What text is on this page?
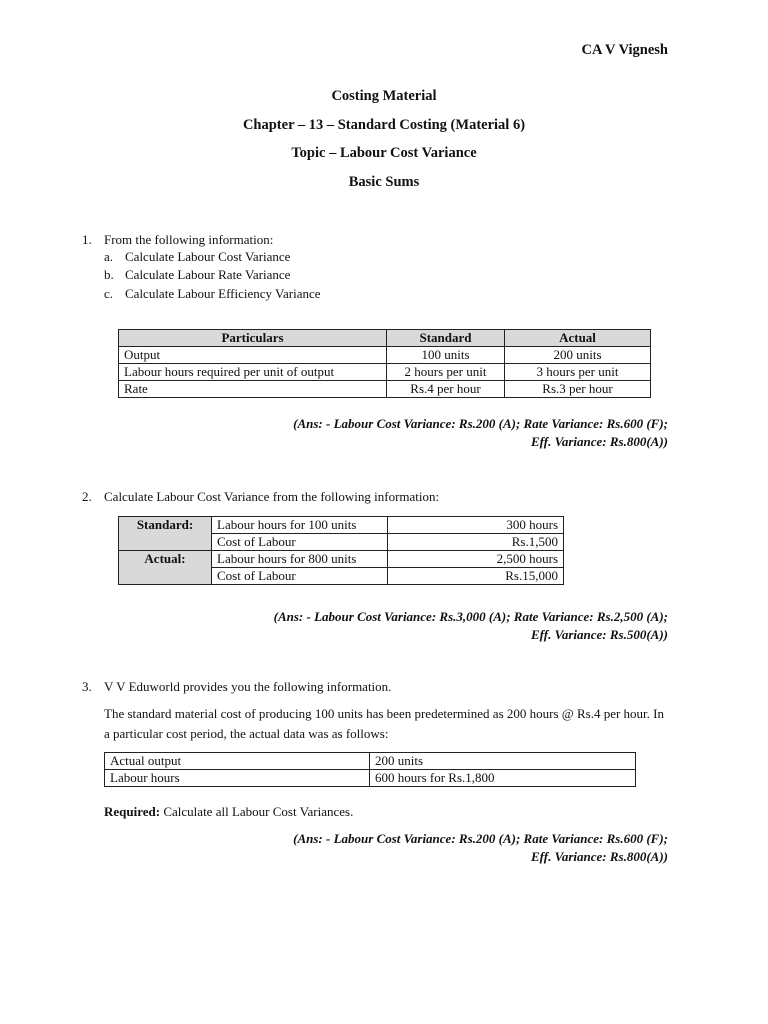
CA V Vignesh
Costing Material
Chapter – 13 – Standard Costing (Material 6)
Topic – Labour Cost Variance
Basic Sums
1. From the following information:
a. Calculate Labour Cost Variance
b. Calculate Labour Rate Variance
c. Calculate Labour Efficiency Variance
Particulars	Standard	Actual
Output	100 units	200 units
Labour hours required per unit of output	2 hours per unit	3 hours per unit
Rate	Rs.4 per hour	Rs.3 per hour
(Ans: - Labour Cost Variance: Rs.200 (A); Rate Variance: Rs.600 (F);
Eff. Variance: Rs.800(A))
2. Calculate Labour Cost Variance from the following information:
Standard:	Labour hours for 100 units	300 hours
	Cost of Labour	Rs.1,500
Actual:	Labour hours for 800 units	2,500 hours
	Cost of Labour	Rs.15,000
(Ans: - Labour Cost Variance: Rs.3,000 (A); Rate Variance: Rs.2,500 (A);
Eff. Variance: Rs.500(A))
3. V V Eduworld provides you the following information.
The standard material cost of producing 100 units has been predetermined as 200 hours @ Rs.4 per hour. In a particular cost period, the actual data was as follows:
Actual output	200 units
Labour hours	600 hours for Rs.1,800
Required: Calculate all Labour Cost Variances.
(Ans: - Labour Cost Variance: Rs.200 (A); Rate Variance: Rs.600 (F);
Eff. Variance: Rs.800(A))
